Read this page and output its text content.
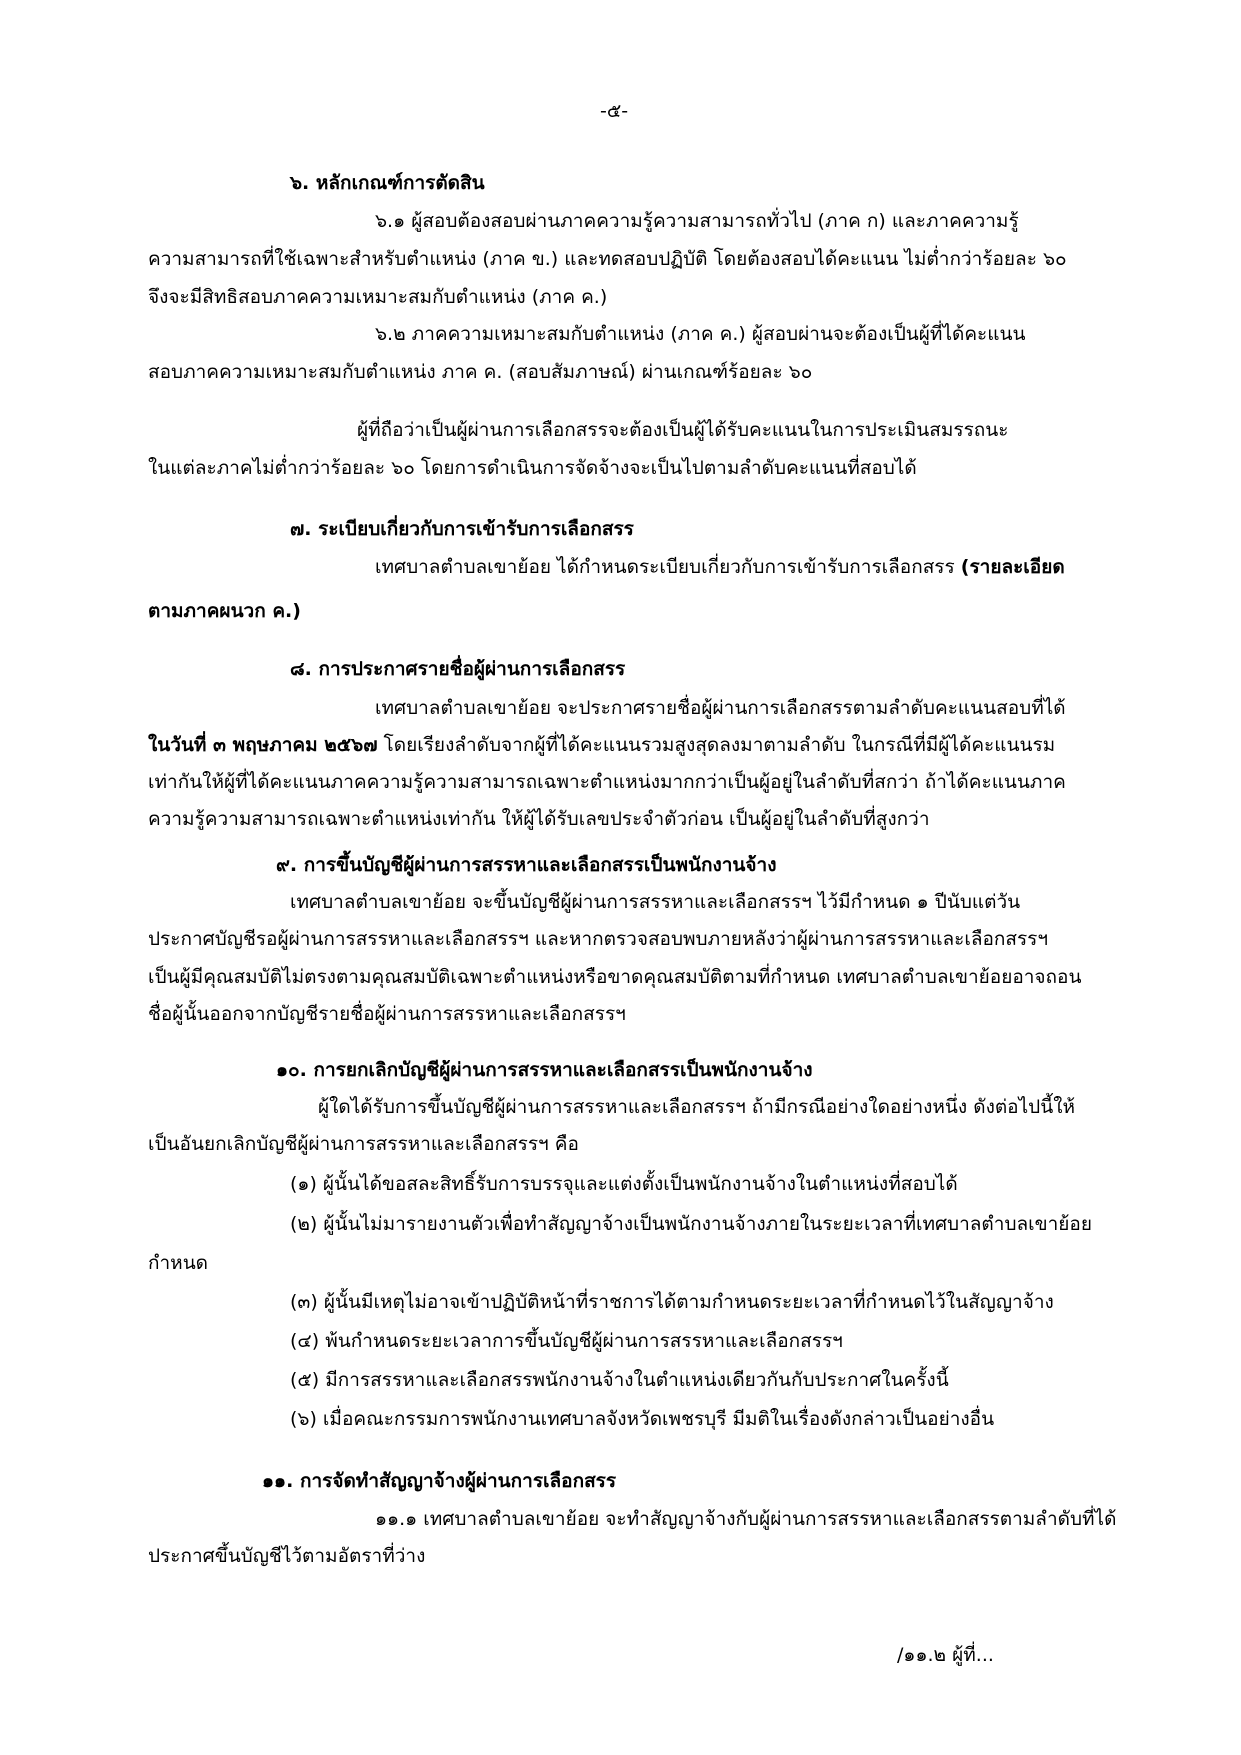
-๕-
๖. หลักเกณฑ์การตัดสิน
๖.๑ ผู้สอบต้องสอบผ่านภาคความรู้ความสามารถทั่วไป (ภาค ก) และภาคความรู้
ความสามารถที่ใช้เฉพาะสำหรับตำแหน่ง (ภาค ข.) และทดสอบปฏิบัติ โดยต้องสอบได้คะแนน ไม่ต่ำกว่าร้อยละ ๖๐
จึงจะมีสิทธิสอบภาคความเหมาะสมกับตำแหน่ง (ภาค ค.)
๖.๒ ภาคความเหมาะสมกับตำแหน่ง (ภาค ค.) ผู้สอบผ่านจะต้องเป็นผู้ที่ได้คะแนน
สอบภาคความเหมาะสมกับตำแหน่ง ภาค ค. (สอบสัมภาษณ์) ผ่านเกณฑ์ร้อยละ ๖๐
ผู้ที่ถือว่าเป็นผู้ผ่านการเลือกสรรจะต้องเป็นผู้ได้รับคะแนนในการประเมินสมรรถนะ
ในแต่ละภาคไม่ต่ำกว่าร้อยละ ๖๐ โดยการดำเนินการจัดจ้างจะเป็นไปตามลำดับคะแนนที่สอบได้
๗. ระเบียบเกี่ยวกับการเข้ารับการเลือกสรร
เทศบาลตำบลเขาย้อย ได้กำหนดระเบียบเกี่ยวกับการเข้ารับการเลือกสรร (รายละเอียด
ตามภาคผนวก ค.)
๘. การประกาศรายชื่อผู้ผ่านการเลือกสรร
เทศบาลตำบลเขาย้อย จะประกาศรายชื่อผู้ผ่านการเลือกสรรตามลำดับคะแนนสอบที่ได้
ในวันที่ ๓ พฤษภาคม ๒๕๖๗ โดยเรียงลำดับจากผู้ที่ได้คะแนนรวมสูงสุดลงมาตามลำดับ ในกรณีที่มีผู้ได้คะแนนรม
เท่ากันให้ผู้ที่ได้คะแนนภาคความรู้ความสามารถเฉพาะตำแหน่งมากกว่าเป็นผู้อยู่ในลำดับที่สกว่า ถ้าได้คะแนนภาค
ความรู้ความสามารถเฉพาะตำแหน่งเท่ากัน ให้ผู้ได้รับเลขประจำตัวก่อน เป็นผู้อยู่ในลำดับที่สูงกว่า
๙. การขึ้นบัญชีผู้ผ่านการสรรหาและเลือกสรรเป็นพนักงานจ้าง
เทศบาลตำบลเขาย้อย จะขึ้นบัญชีผู้ผ่านการสรรหาและเลือกสรรฯ ไว้มีกำหนด ๑ ปีนับแต่วัน
ประกาศบัญชีรอผู้ผ่านการสรรหาและเลือกสรรฯ และหากตรวจสอบพบภายหลังว่าผู้ผ่านการสรรหาและเลือกสรรฯ
เป็นผู้มีคุณสมบัติไม่ตรงตามคุณสมบัติเฉพาะตำแหน่งหรือขาดคุณสมบัติตามที่กำหนด เทศบาลตำบลเขาย้อยอาจถอน
ชื่อผู้นั้นออกจากบัญชีรายชื่อผู้ผ่านการสรรหาและเลือกสรรฯ
๑๐. การยกเลิกบัญชีผู้ผ่านการสรรหาและเลือกสรรเป็นพนักงานจ้าง
ผู้ใดได้รับการขึ้นบัญชีผู้ผ่านการสรรหาและเลือกสรรฯ ถ้ามีกรณีอย่างใดอย่างหนึ่ง ดังต่อไปนี้ให้
เป็นอันยกเลิกบัญชีผู้ผ่านการสรรหาและเลือกสรรฯ คือ
(๑) ผู้นั้นได้ขอสละสิทธิ์รับการบรรจุและแต่งตั้งเป็นพนักงานจ้างในตำแหน่งที่สอบได้
(๒) ผู้นั้นไม่มารายงานตัวเพื่อทำสัญญาจ้างเป็นพนักงานจ้างภายในระยะเวลาที่เทศบาลตำบลเขาย้อย
กำหนด
(๓) ผู้นั้นมีเหตุไม่อาจเข้าปฏิบัติหน้าที่ราชการได้ตามกำหนดระยะเวลาที่กำหนดไว้ในสัญญาจ้าง
(๔) พ้นกำหนดระยะเวลาการขึ้นบัญชีผู้ผ่านการสรรหาและเลือกสรรฯ
(๕) มีการสรรหาและเลือกสรรพนักงานจ้างในตำแหน่งเดียวกันกับประกาศในครั้งนี้
(๖) เมื่อคณะกรรมการพนักงานเทศบาลจังหวัดเพชรบุรี มีมติในเรื่องดังกล่าวเป็นอย่างอื่น
๑๑. การจัดทำสัญญาจ้างผู้ผ่านการเลือกสรร
๑๑.๑ เทศบาลตำบลเขาย้อย จะทำสัญญาจ้างกับผู้ผ่านการสรรหาและเลือกสรรตามลำดับที่ได้
ประกาศขึ้นบัญชีไว้ตามอัตราที่ว่าง
/๑๑.๒ ผู้ที่...
